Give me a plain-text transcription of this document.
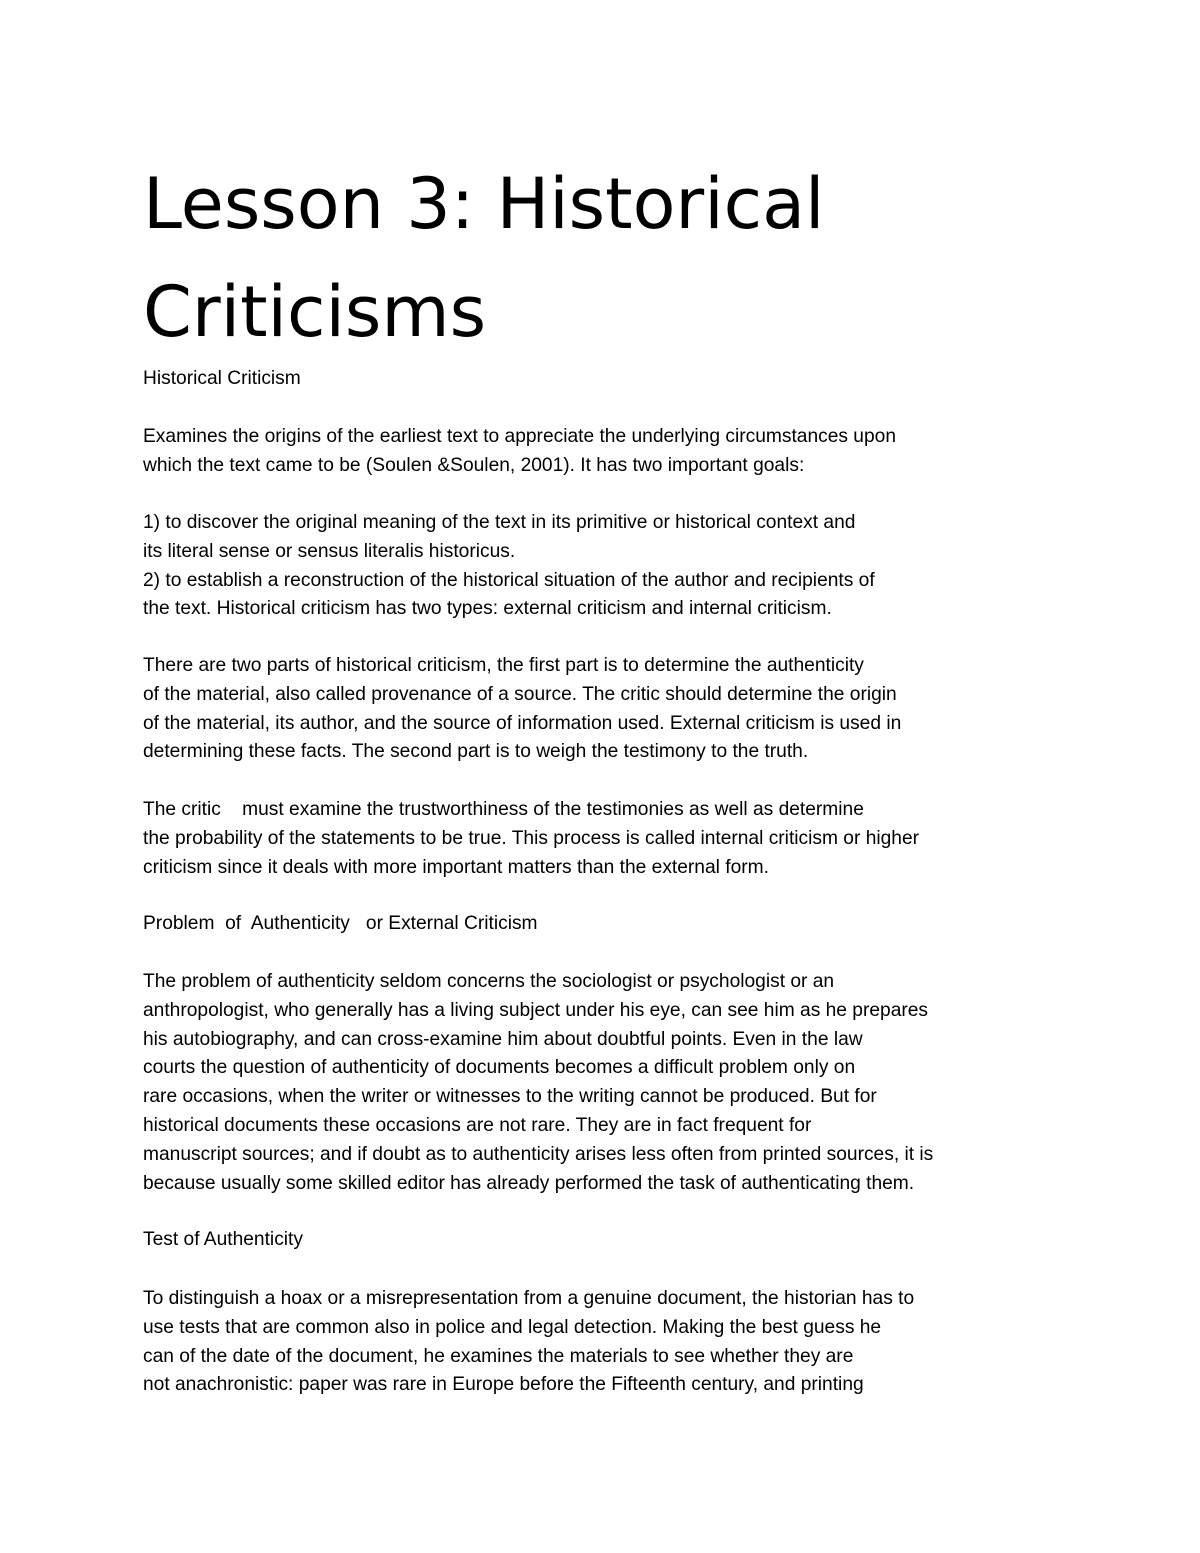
Lesson 3: Historical
Criticisms

Historical Criticism

Examines the origins of the earliest text to appreciate the underlying circumstances upon
which the text came to be (Soulen &Soulen, 2001). It has two important goals:

1) to discover the original meaning of the text in its primitive or historical context and
its literal sense or sensus literalis historicus.
2) to establish a reconstruction of the historical situation of the author and recipients of
the text. Historical criticism has two types: external criticism and internal criticism.

There are two parts of historical criticism, the first part is to determine the authenticity
of the material, also called provenance of a source. The critic should determine the origin
of the material, its author, and the source of information used. External criticism is used in
determining these facts. The second part is to weigh the testimony to the truth.

The critic    must examine the trustworthiness of the testimonies as well as determine
the probability of the statements to be true. This process is called internal criticism or higher
criticism since it deals with more important matters than the external form.

Problem  of  Authenticity   or External Criticism

The problem of authenticity seldom concerns the sociologist or psychologist or an
anthropologist, who generally has a living subject under his eye, can see him as he prepares
his autobiography, and can cross-examine him about doubtful points. Even in the law
courts the question of authenticity of documents becomes a difficult problem only on
rare occasions, when the writer or witnesses to the writing cannot be produced. But for
historical documents these occasions are not rare. They are in fact frequent for
manuscript sources; and if doubt as to authenticity arises less often from printed sources, it is
because usually some skilled editor has already performed the task of authenticating them.

Test of Authenticity

To distinguish a hoax or a misrepresentation from a genuine document, the historian has to
use tests that are common also in police and legal detection. Making the best guess he
can of the date of the document, he examines the materials to see whether they are
not anachronistic: paper was rare in Europe before the Fifteenth century, and printing
